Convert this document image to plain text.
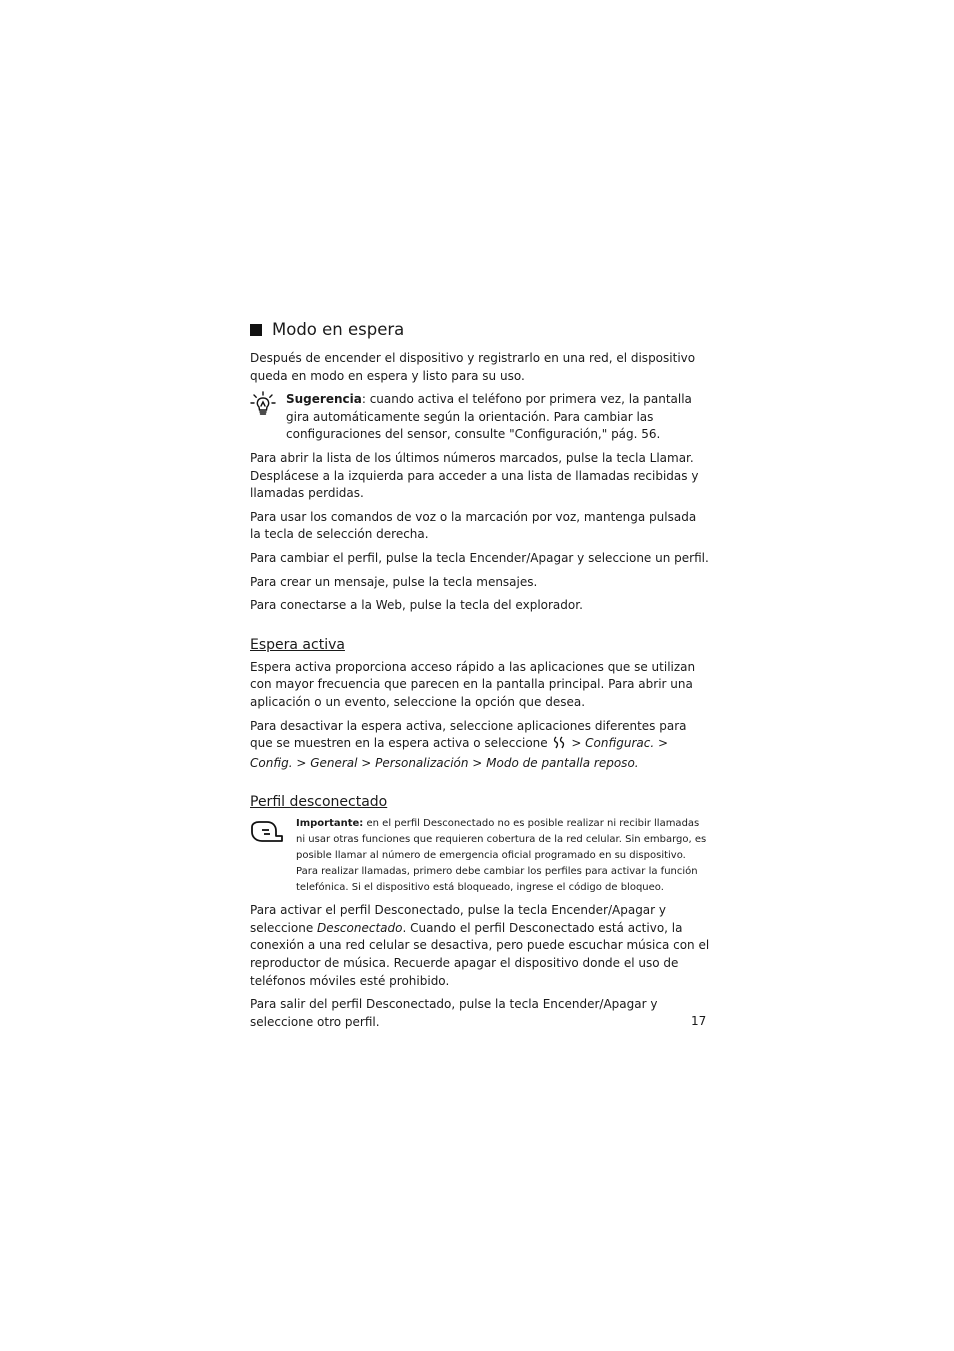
Modo en espera

Después de encender el dispositivo y registrarlo en una red, el dispositivo queda en modo en espera y listo para su uso.

Sugerencia: cuando activa el teléfono por primera vez, la pantalla gira automáticamente según la orientación. Para cambiar las configuraciones del sensor, consulte "Configuración," pág. 56.

Para abrir la lista de los últimos números marcados, pulse la tecla Llamar. Desplácese a la izquierda para acceder a una lista de llamadas recibidas y llamadas perdidas.

Para usar los comandos de voz o la marcación por voz, mantenga pulsada la tecla de selección derecha.

Para cambiar el perfil, pulse la tecla Encender/Apagar y seleccione un perfil.

Para crear un mensaje, pulse la tecla mensajes.

Para conectarse a la Web, pulse la tecla del explorador.

Espera activa

Espera activa proporciona acceso rápido a las aplicaciones que se utilizan con mayor frecuencia que parecen en la pantalla principal. Para abrir una aplicación o un evento, seleccione la opción que desea.

Para desactivar la espera activa, seleccione aplicaciones diferentes para que se muestren en la espera activa o seleccione > Configurac. > Config. > General > Personalización > Modo de pantalla reposo.

Perfil desconectado

Importante: en el perfil Desconectado no es posible realizar ni recibir llamadas ni usar otras funciones que requieren cobertura de la red celular. Sin embargo, es posible llamar al número de emergencia oficial programado en su dispositivo. Para realizar llamadas, primero debe cambiar los perfiles para activar la función telefónica. Si el dispositivo está bloqueado, ingrese el código de bloqueo.

Para activar el perfil Desconectado, pulse la tecla Encender/Apagar y seleccione Desconectado. Cuando el perfil Desconectado está activo, la conexión a una red celular se desactiva, pero puede escuchar música con el reproductor de música. Recuerde apagar el dispositivo donde el uso de teléfonos móviles esté prohibido.

Para salir del perfil Desconectado, pulse la tecla Encender/Apagar y seleccione otro perfil.	17
